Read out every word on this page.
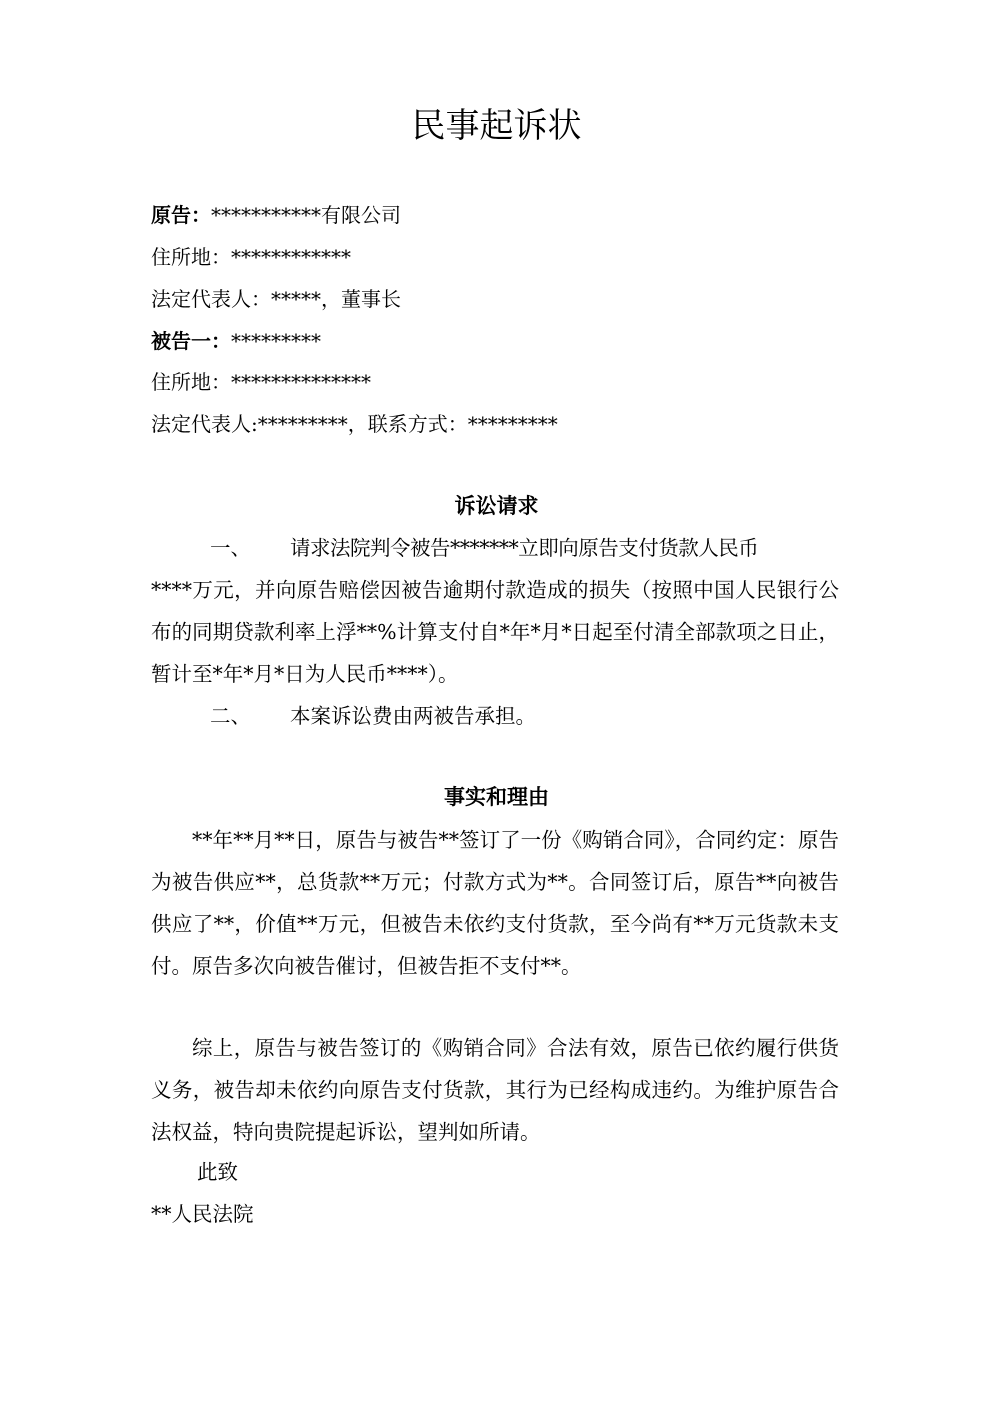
民事起诉状
原告：***********有限公司
住所地：************
法定代表人：*****，董事长
被告一：*********
住所地：**************
法定代表人:*********，联系方式：*********
诉讼请求
一、 请求法院判令被告*******立即向原告支付货款人民币

****万元，并向原告赔偿因被告逾期付款造成的损失（按照中国人民银行公布的同期贷款利率上浮**%计算支付自*年*月*日起至付清全部款项之日止，暂计至*年*月*日为人民币****）。

二、 本案诉讼费由两被告承担。
事实和理由

**年**月**日，原告与被告**签订了一份《购销合同》，合同约定：原告为被告供应**，总货款**万元；付款方式为**。合同签订后，原告**向被告供应了**，价值**万元，但被告未依约支付货款，至今尚有**万元货款未支付。原告多次向被告催讨，但被告拒不支付**。

综上，原告与被告签订的《购销合同》合法有效，原告已依约履行供货义务，被告却未依约向原告支付货款，其行为已经构成违约。为维护原告合法权益，特向贵院提起诉讼，望判如所请。

此致
**人民法院
